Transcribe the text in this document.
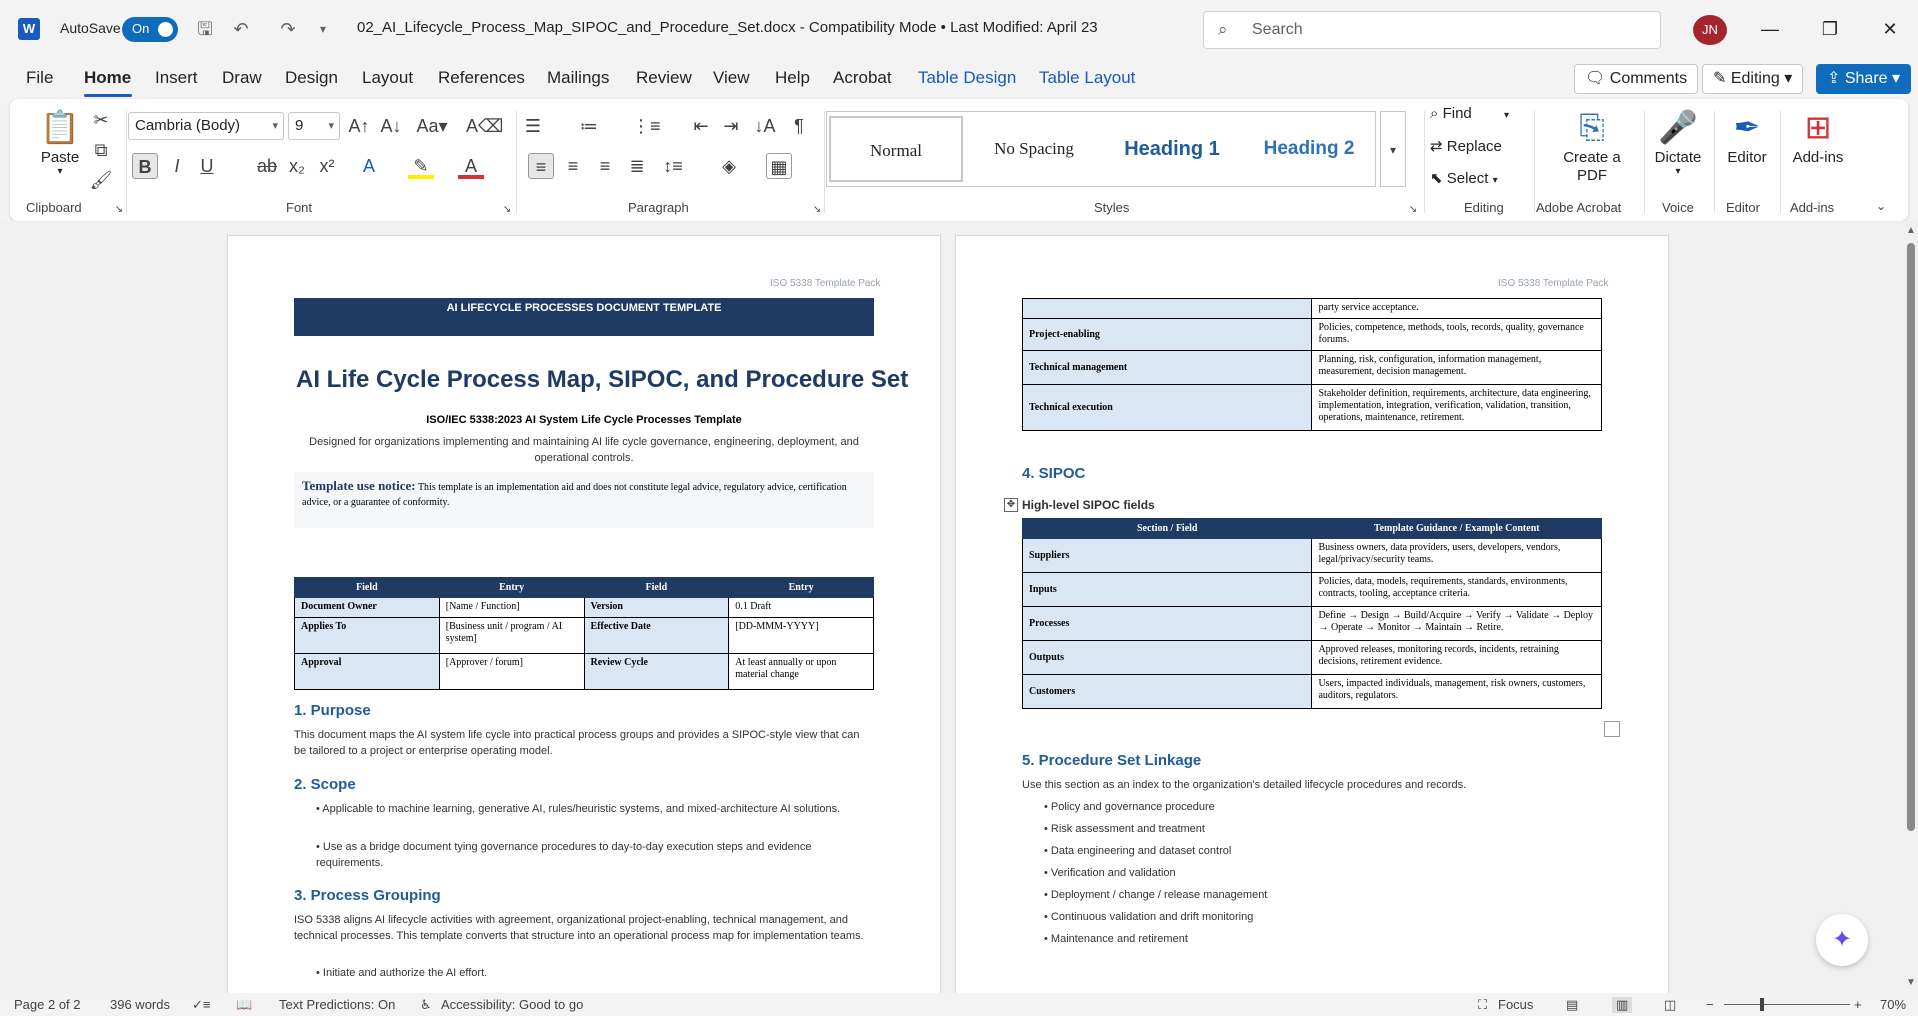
W	AutoSave On	🖫 ↶ ↷	▾	02_AI_Lifecycle_Process_Map_SIPOC_and_Procedure_Set.docx - Compatibility Mode • Last Modified: April 23	⌕ Search	JN	—	❐	✕
File Home Insert Draw Design Layout References Mailings Review View Help Acrobat Table Design Table Layout	🗨 Comments	✎ Editing ▾	⇪ Share ▾
📋
Paste
▾
✂
⧉
🖌
Clipboard	↘
Cambria (Body)	▾	9 ▾ A↑ A↓ Aa▾ A⌫
B	I	U	ab x₂ x²	A	✎	A
Font	↘
☰ ≔ ⋮≡	⇤ ⇥ ↓A	¶
≡	≡	≡	≣	↕≡	◈	▦
Paragraph	↘
Normal	No Spacing	Heading 1	Heading 2	▾
Styles	↘
⌕ Find	▾
⇄ Replace
⬉ Select ▾
Editing
⎘
Create a PDF
Adobe Acrobat
🎤
Dictate
▾
Voice
✒
Editor
Editor
⊞
Add-ins
Add-ins	⌄
ISO 5338 Template Pack
AI LIFECYCLE PROCESSES DOCUMENT TEMPLATE
AI Life Cycle Process Map, SIPOC, and Procedure Set
ISO/IEC 5338:2023 AI System Life Cycle Processes Template
Designed for organizations implementing and maintaining AI life cycle governance, engineering, deployment, and operational controls.
Template use notice: This template is an implementation aid and does not constitute legal advice, regulatory advice, certification advice, or a guarantee of conformity.
Field	Entry	Field	Entry
Document Owner	[Name / Function]	Version	0.1 Draft
Applies To	[Business unit / program / AI system]	Effective Date	[DD-MMM-YYYY]
Approval	[Approver / forum]	Review Cycle	At least annually or upon material change
1. Purpose
This document maps the AI system life cycle into practical process groups and provides a SIPOC-style view that can be tailored to a project or enterprise operating model.
2. Scope
• Applicable to machine learning, generative AI, rules/heuristic systems, and mixed-architecture AI solutions.
• Use as a bridge document tying governance procedures to day-to-day execution steps and evidence requirements.
3. Process Grouping
ISO 5338 aligns AI lifecycle activities with agreement, organizational project-enabling, technical management, and technical processes. This template converts that structure into an operational process map for implementation teams.
• Initiate and authorize the AI effort.
ISO 5338 Template Pack
	party service acceptance.
Project-enabling	Policies, competence, methods, tools, records, quality, governance forums.
Technical management	Planning, risk, configuration, information management, measurement, decision management.
Technical execution	Stakeholder definition, requirements, architecture, data engineering, implementation, integration, verification, validation, transition, operations, maintenance, retirement.
4. SIPOC
✥ High-level SIPOC fields
Section / Field	Template Guidance / Example Content
Suppliers	Business owners, data providers, users, developers, vendors, legal/privacy/security teams.
Inputs	Policies, data, models, requirements, standards, environments, contracts, tooling, acceptance criteria.
Processes	Define → Design → Build/Acquire → Verify → Validate → Deploy → Operate → Monitor → Maintain → Retire.
Outputs	Approved releases, monitoring records, incidents, retraining decisions, retirement evidence.
Customers	Users, impacted individuals, management, risk owners, customers, auditors, regulators.
5. Procedure Set Linkage
Use this section as an index to the organization's detailed lifecycle procedures and records.
• Policy and governance procedure
• Risk assessment and treatment
• Data engineering and dataset control
• Verification and validation
• Deployment / change / release management
• Continuous validation and drift monitoring
• Maintenance and retirement	✦
▲
▼
Page 2 of 2 396 words ✓≡ 📖 Text Predictions: On ♿ Accessibility: Good to go	⛶ Focus	▤	▥	◫ −	+ 70%
